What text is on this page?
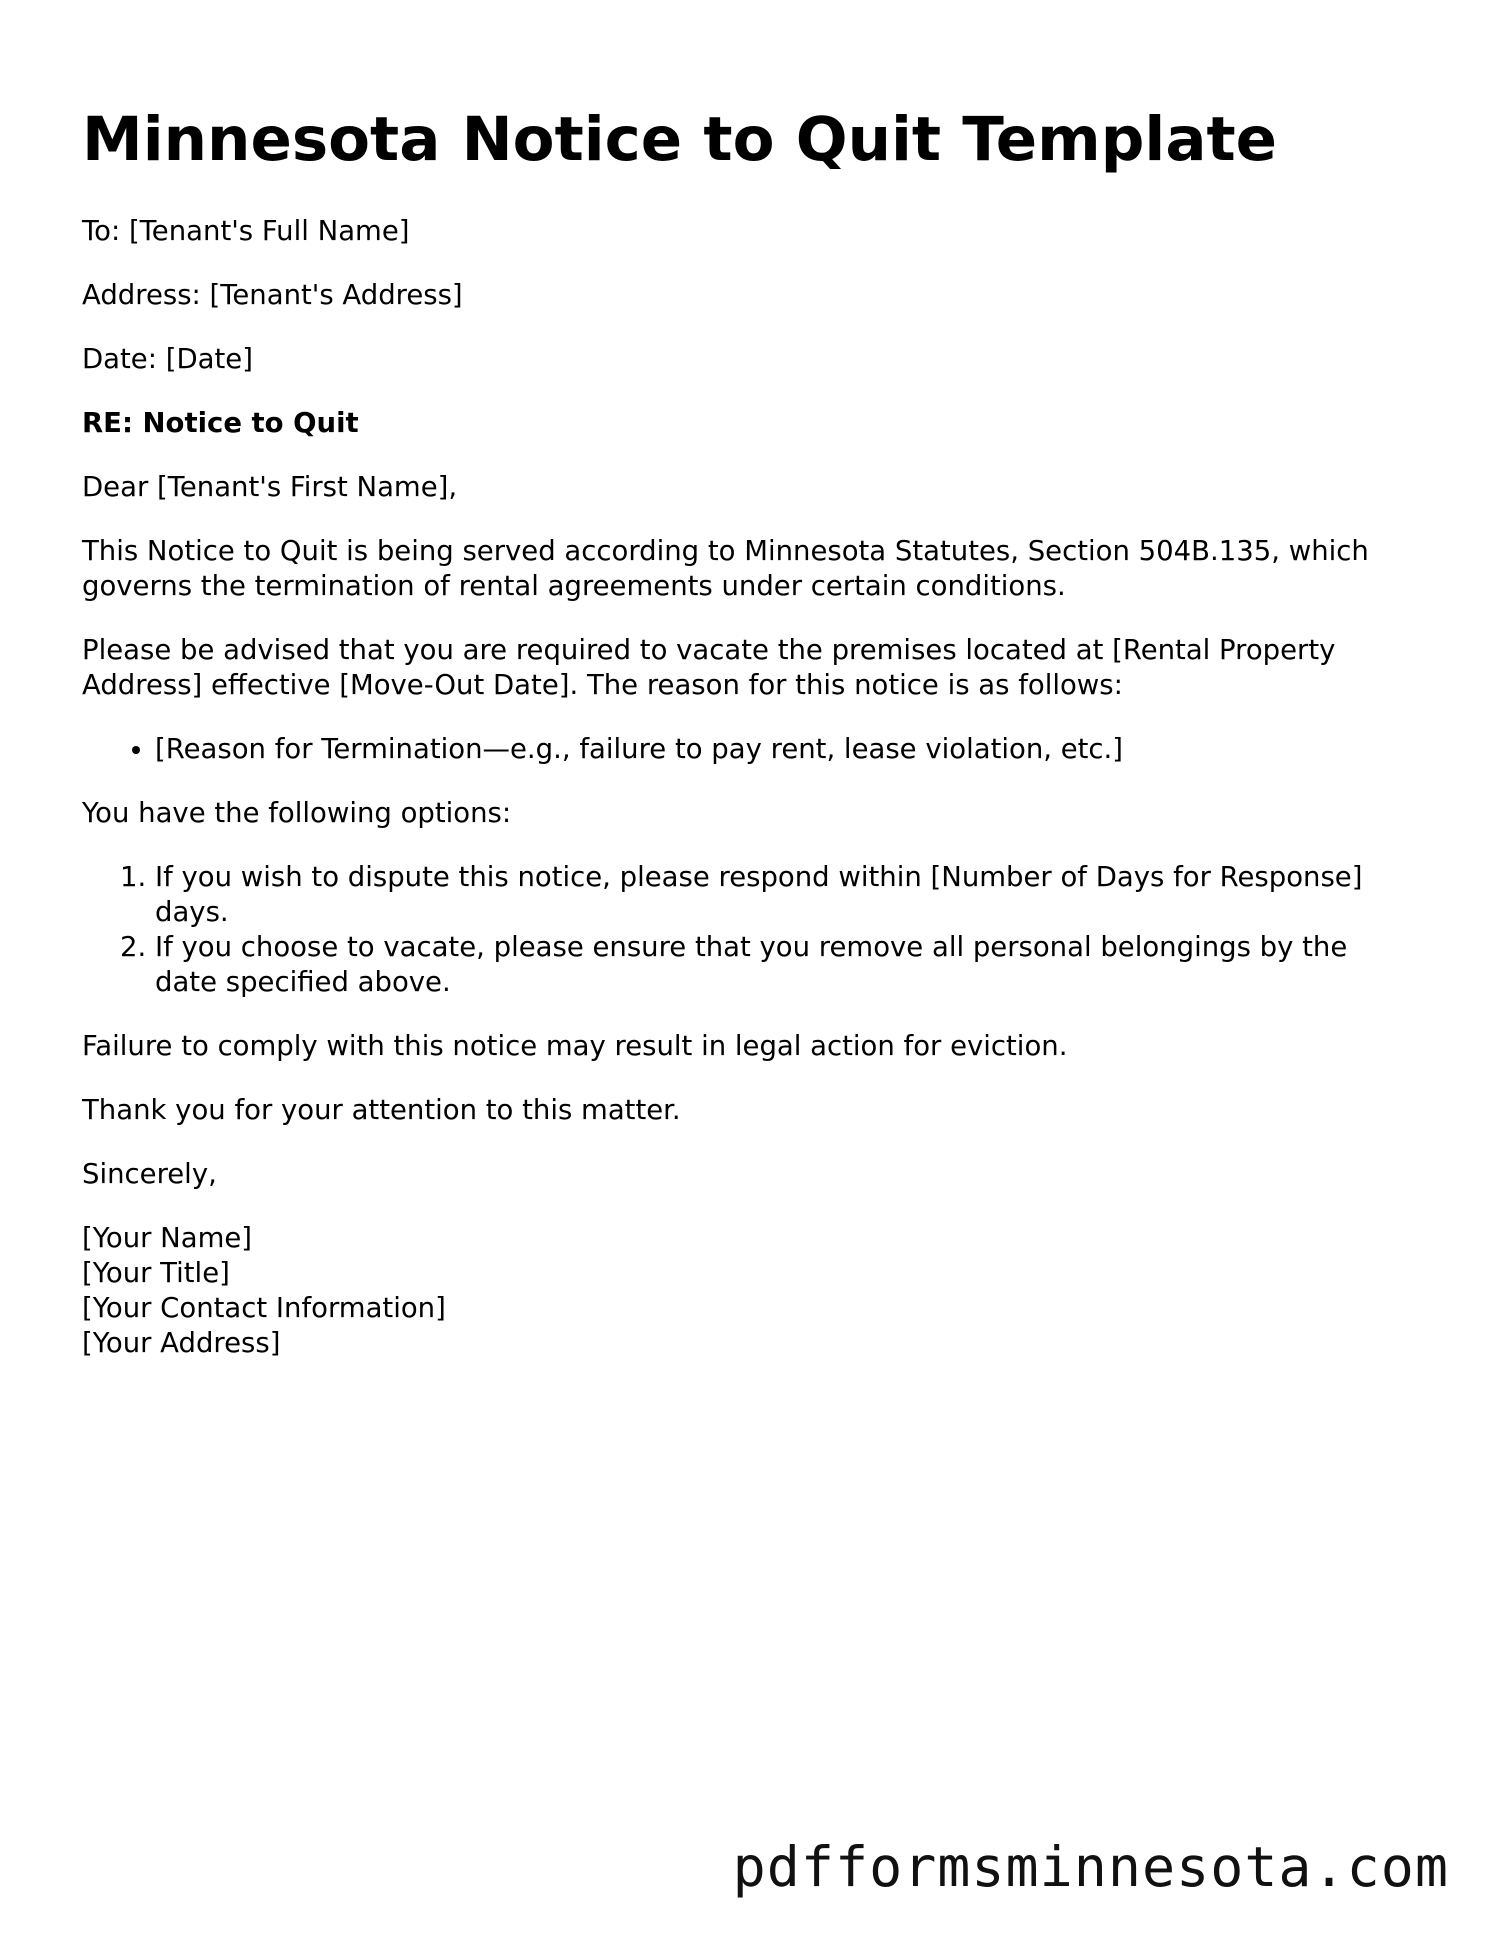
Minnesota Notice to Quit Template

To: [Tenant's Full Name]

Address: [Tenant's Address]

Date: [Date]

RE: Notice to Quit

Dear [Tenant's First Name],

This Notice to Quit is being served according to Minnesota Statutes, Section 504B.135, which governs the termination of rental agreements under certain conditions.

Please be advised that you are required to vacate the premises located at [Rental Property Address] effective [Move-Out Date]. The reason for this notice is as follows:

• [Reason for Termination—e.g., failure to pay rent, lease violation, etc.]

You have the following options:

1. If you wish to dispute this notice, please respond within [Number of Days for Response] days.
2. If you choose to vacate, please ensure that you remove all personal belongings by the date specified above.

Failure to comply with this notice may result in legal action for eviction.

Thank you for your attention to this matter.

Sincerely,

[Your Name]
[Your Title]
[Your Contact Information]
[Your Address]
pdfformsminnesota.com
